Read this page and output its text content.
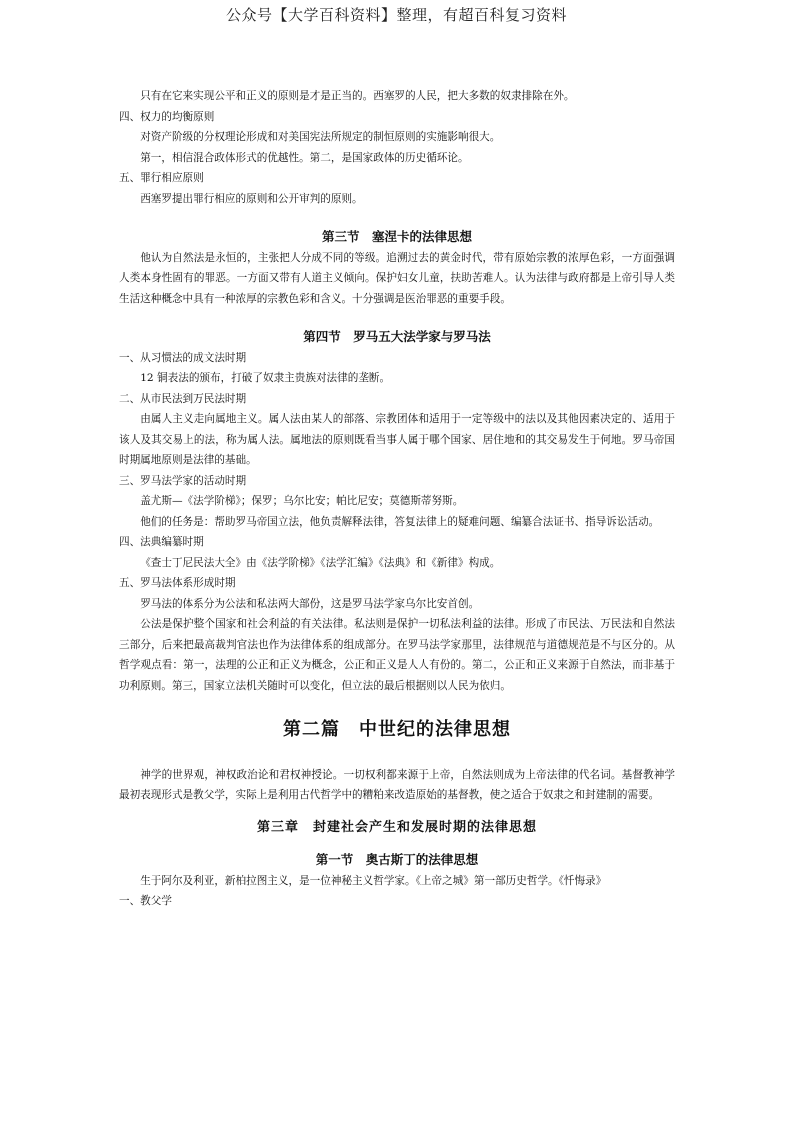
公众号【大学百科资料】整理，有超百科复习资料

只有在它来实现公平和正义的原则是才是正当的。西塞罗的人民，把大多数的奴隶排除在外。

四、权力的均衡原则

对资产阶级的分权理论形成和对美国宪法所规定的制恒原则的实施影响很大。

第一，相信混合政体形式的优越性。第二，是国家政体的历史循环论。

五、罪行相应原则

西塞罗提出罪行相应的原则和公开审判的原则。

第三节　塞涅卡的法律思想

他认为自然法是永恒的，主张把人分成不同的等级。追溯过去的黄金时代，带有原始宗教的浓厚色彩，一方面强调人类本身性固有的罪恶。一方面又带有人道主义倾向。保护妇女儿童，扶助苦难人。认为法律与政府都是上帝引导人类生活这种概念中具有一种浓厚的宗教色彩和含义。十分强调是医治罪恶的重要手段。

第四节　罗马五大法学家与罗马法

一、从习惯法的成文法时期

12 铜表法的颁布，打破了奴隶主贵族对法律的垄断。

二、从市民法到万民法时期

由属人主义走向属地主义。属人法由某人的部落、宗教团体和适用于一定等级中的法以及其他因素决定的、适用于该人及其交易上的法，称为属人法。属地法的原则既看当事人属于哪个国家、居住地和的其交易发生于何地。罗马帝国时期属地原则是法律的基础。

三、罗马法学家的活动时期

盖尤斯—《法学阶梯》；保罗；乌尔比安；帕比尼安；莫德斯蒂努斯。

他们的任务是：帮助罗马帝国立法，他负责解释法律，答复法律上的疑难问题、编纂合法证书、指导诉讼活动。

四、法典编纂时期

《查士丁尼民法大全》由《法学阶梯》《法学汇编》《法典》和《新律》构成。

五、罗马法体系形成时期

罗马法的体系分为公法和私法两大部份，这是罗马法学家乌尔比安首创。

公法是保护整个国家和社会利益的有关法律。私法则是保护一切私法利益的法律。形成了市民法、万民法和自然法三部分，后来把最高裁判官法也作为法律体系的组成部分。在罗马法学家那里，法律规范与道德规范是不与区分的。从哲学观点看：第一，法理的公正和正义为概念，公正和正义是人人有份的。第二，公正和正义来源于自然法，而非基于功利原则。第三，国家立法机关随时可以变化，但立法的最后根据则以人民为依归。

第二篇　中世纪的法律思想

神学的世界观，神权政治论和君权神授论。一切权利都来源于上帝，自然法则成为上帝法律的代名词。基督教神学最初表现形式是教父学，实际上是利用古代哲学中的糟粕来改造原始的基督教，使之适合于奴隶之和封建制的需要。

第三章　封建社会产生和发展时期的法律思想

第一节　奥古斯丁的法律思想

生于阿尔及利亚，新柏拉图主义，是一位神秘主义哲学家。《上帝之城》第一部历史哲学。《忏悔录》

一、教父学
